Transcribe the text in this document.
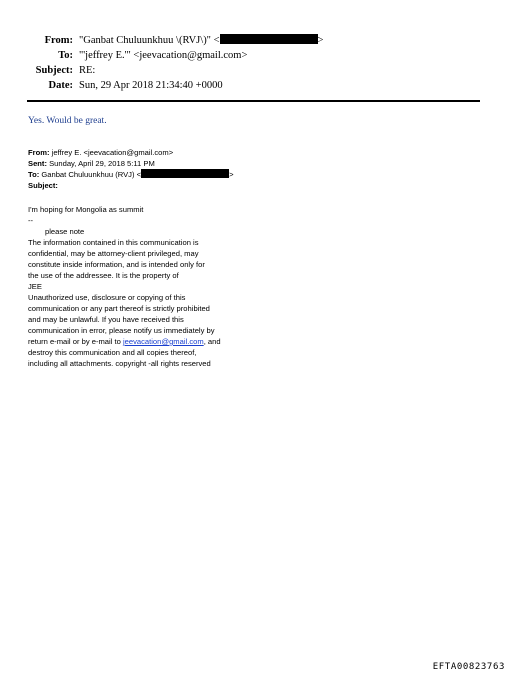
From: "Ganbat Chuluunkhuu \(RVJ\)" <	>
To: "'jeffrey E.'" <jeevacation@gmail.com>
Subject: RE:
Date: Sun, 29 Apr 2018 21:34:40 +0000
Yes. Would be great.
From: jeffrey E. <jeevacation@gmail.com>
Sent: Sunday, April 29, 2018 5:11 PM
To: Ganbat Chuluunkhuu (RVJ) <	>
Subject:
I'm hoping for Mongolia as summit
--
please note
The information contained in this communication is
confidential, may be attorney-client privileged, may
constitute inside information, and is intended only for
the use of the addressee. It is the property of
JEE
Unauthorized use, disclosure or copying of this
communication or any part thereof is strictly prohibited
and may be unlawful. If you have received this
communication in error, please notify us immediately by
return e-mail or by e-mail to jeevacation@gmail.com, and
destroy this communication and all copies thereof,
including all attachments. copyright -all rights reserved
EFTA00823763
